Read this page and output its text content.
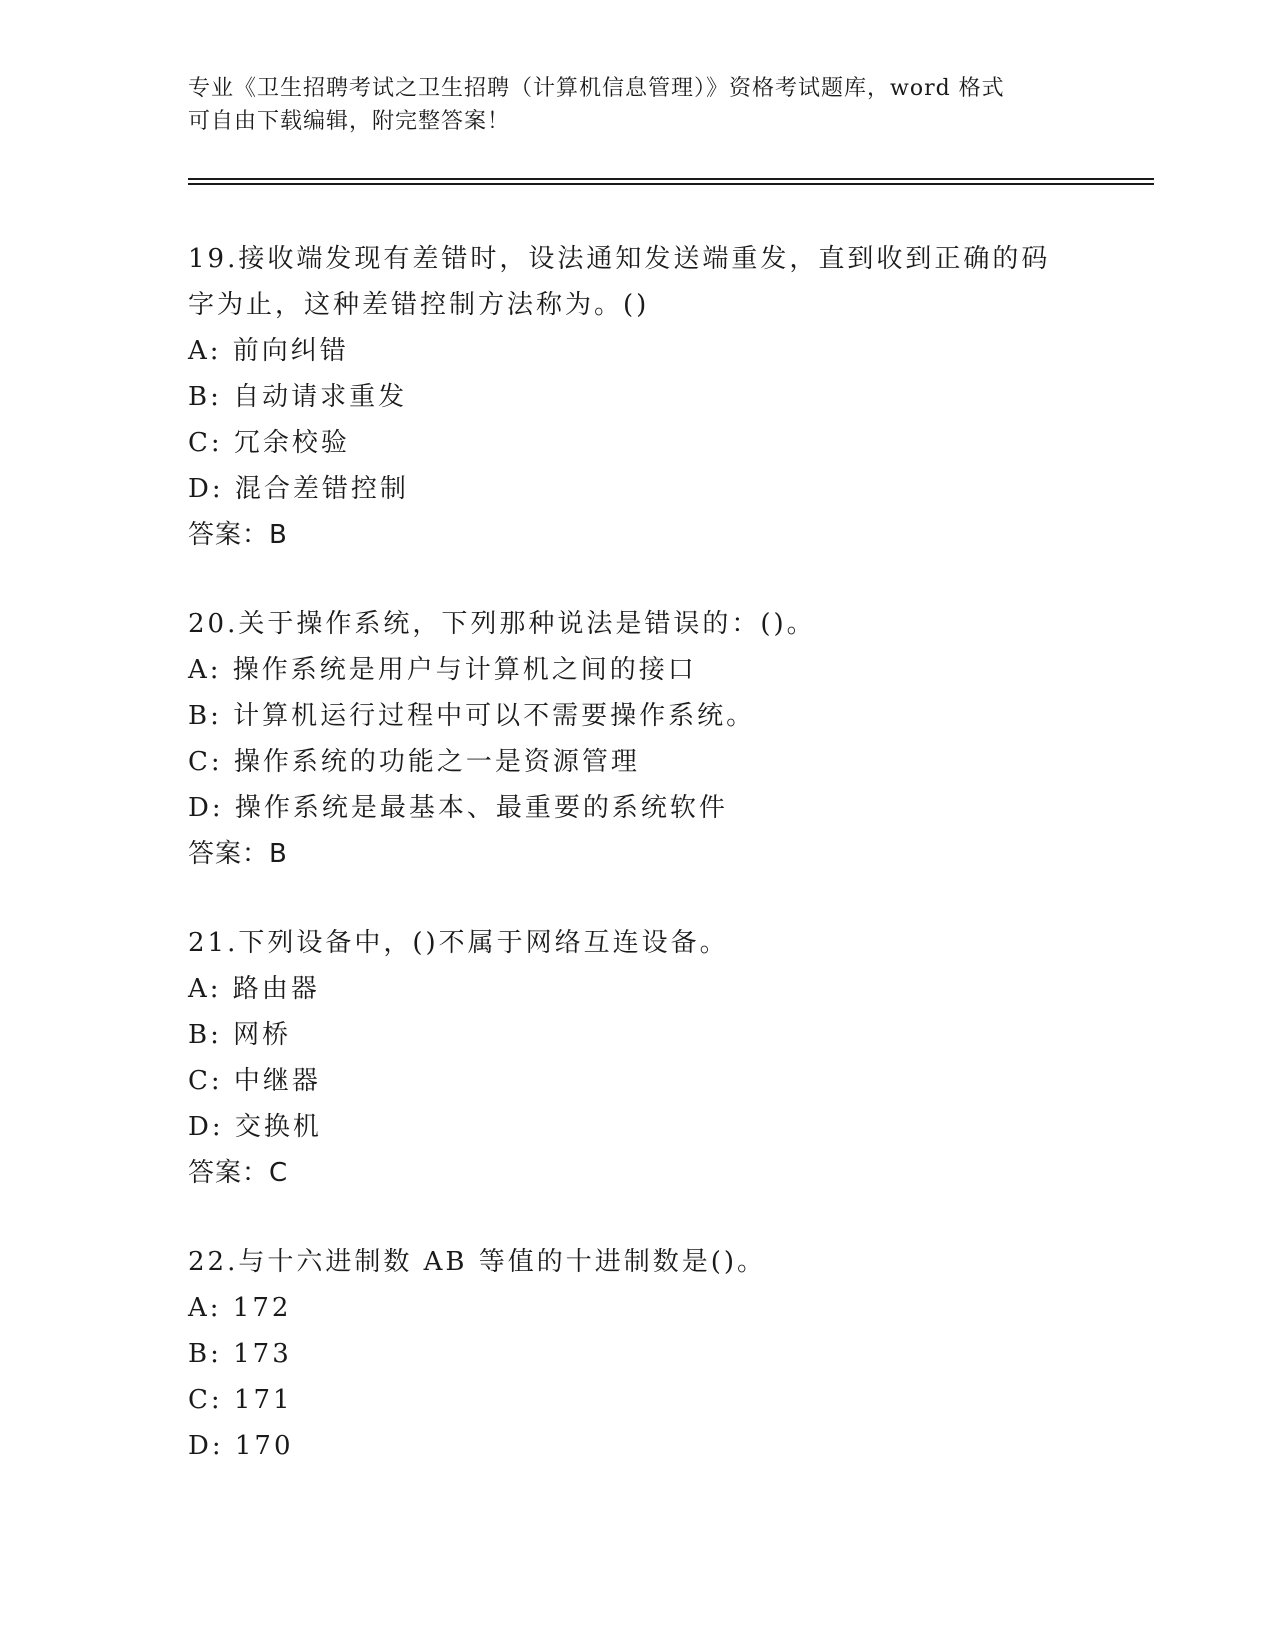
专业《卫生招聘考试之卫生招聘（计算机信息管理）》资格考试题库，word 格式
可自由下载编辑，附完整答案！
19.接收端发现有差错时，设法通知发送端重发，直到收到正确的码字为止，这种差错控制方法称为。()
A: 前向纠错
B: 自动请求重发
C: 冗余校验
D: 混合差错控制
答案：B
20.关于操作系统，下列那种说法是错误的：()。
A: 操作系统是用户与计算机之间的接口
B: 计算机运行过程中可以不需要操作系统。
C: 操作系统的功能之一是资源管理
D: 操作系统是最基本、最重要的系统软件
答案：B
21.下列设备中，()不属于网络互连设备。
A: 路由器
B: 网桥
C: 中继器
D: 交换机
答案：C
22.与十六进制数 AB 等值的十进制数是()。
A: 172
B: 173
C: 171
D: 170
